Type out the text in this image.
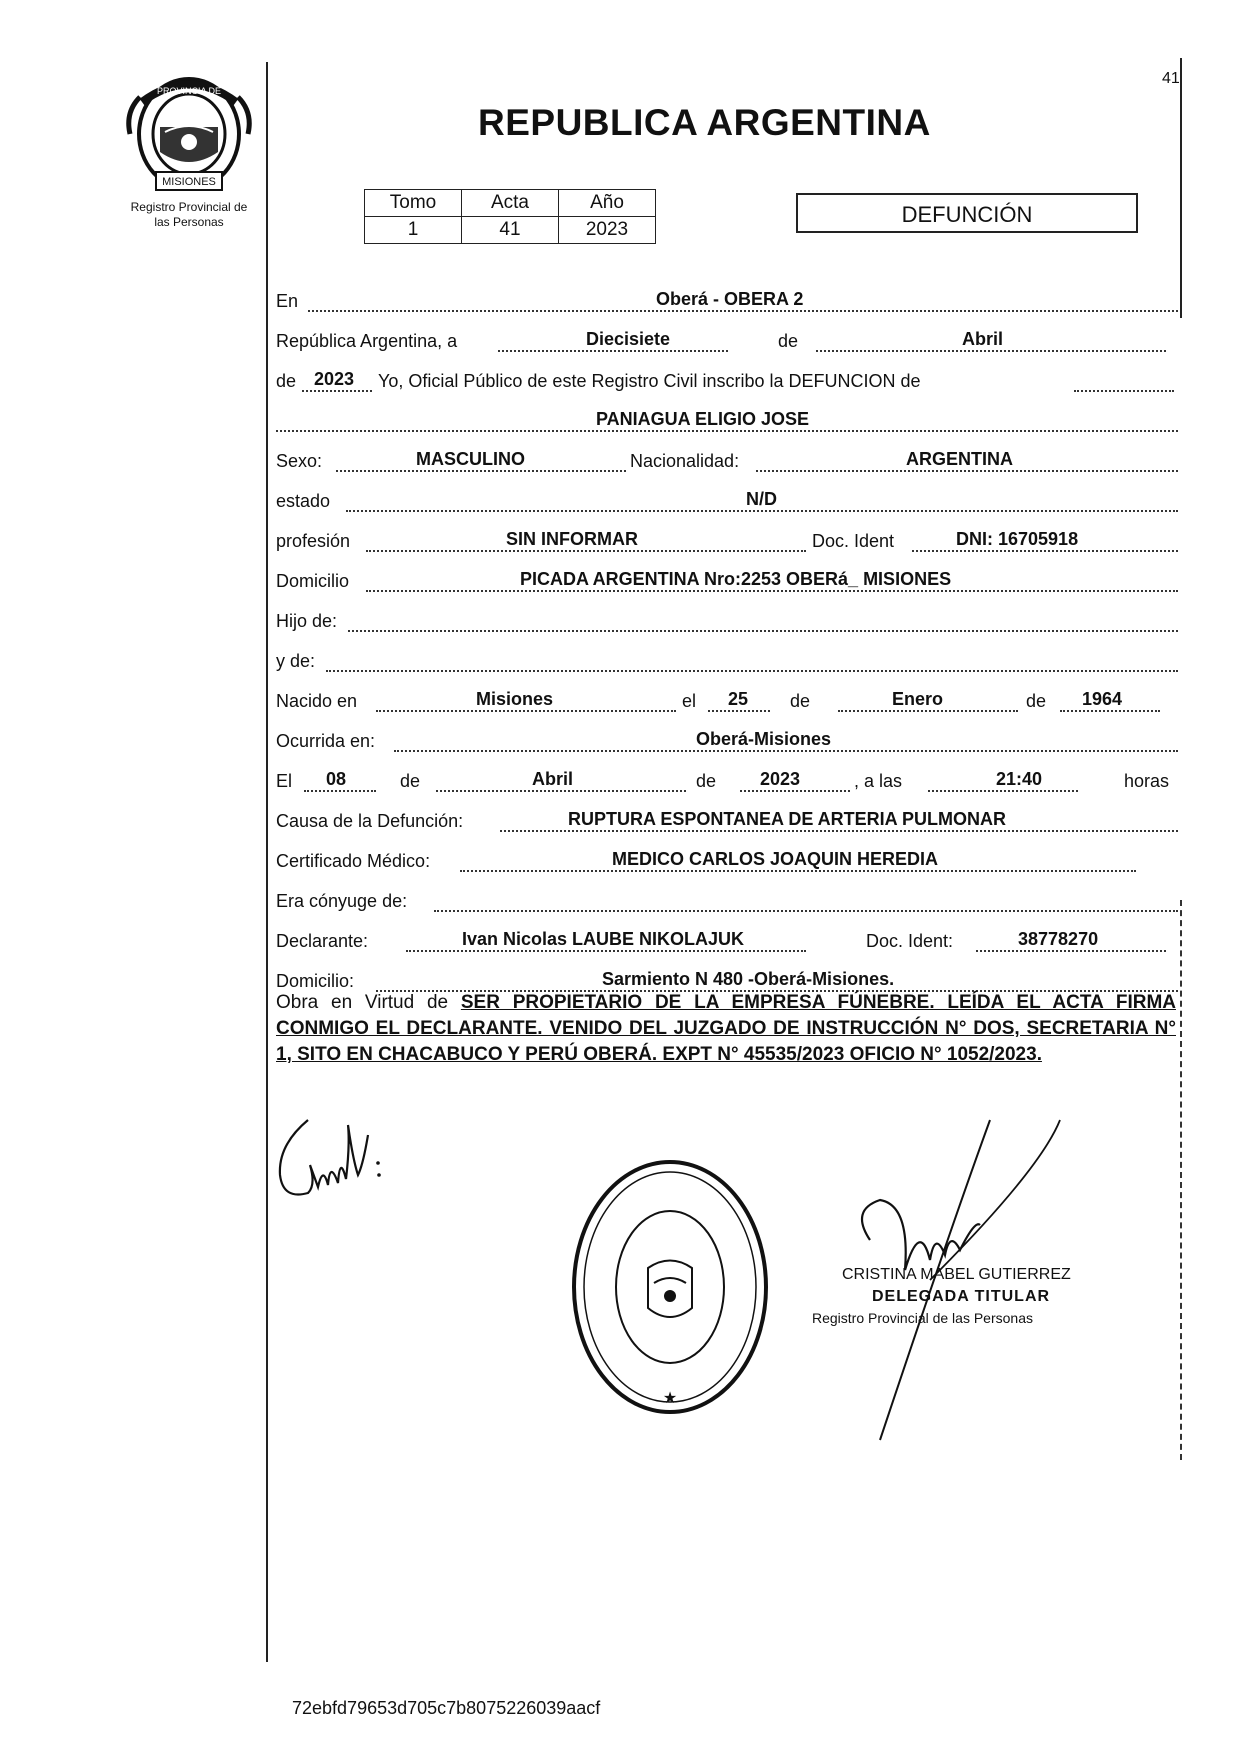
PROVINCIA DE
MISIONES
Registro Provincial de
las Personas
41
REPUBLICA ARGENTINA
Tomo	Acta	Año
1	41	2023
DEFUNCIÓN
En	Oberá - OBERA 2
República Argentina, a	Diecisiete	de	Abril
de 2023 Yo, Oficial Público de este Registro Civil inscribo la DEFUNCION de
PANIAGUA ELIGIO JOSE
Sexo:	MASCULINO	Nacionalidad:	ARGENTINA
estado	N/D
profesión	SIN INFORMAR	Doc. Ident	DNI: 16705918
Domicilio	PICADA ARGENTINA Nro:2253 OBERá_ MISIONES
Hijo de:
y de:
Nacido en	Misiones	el 25 de	Enero	de 1964
Ocurrida en:	Oberá-Misiones
El 08	de	Abril	de 2023	, a las	21:40	horas
Causa de la Defunción:	RUPTURA ESPONTANEA DE ARTERIA PULMONAR
Certificado Médico:	MEDICO CARLOS JOAQUIN HEREDIA
Era cónyuge de:
Declarante:	Ivan Nicolas LAUBE NIKOLAJUK	Doc. Ident:	38778270
Domicilio:	Sarmiento N 480 -Oberá-Misiones.
Obra en Virtud de SER PROPIETARIO DE LA EMPRESA FÚNEBRE. LEÍDA EL ACTA FIRMA CONMIGO EL DECLARANTE. VENIDO DEL JUZGADO DE INSTRUCCIÓN N° DOS, SECRETARIA N° 1, SITO EN CHACABUCO Y PERÚ OBERÁ. EXPT N° 45535/2023 OFICIO N° 1052/2023.
★
CRISTINA MABEL GUTIERREZ
DELEGADA TITULAR
Registro Provincial de las Personas
72ebfd79653d705c7b8075226039aacf
